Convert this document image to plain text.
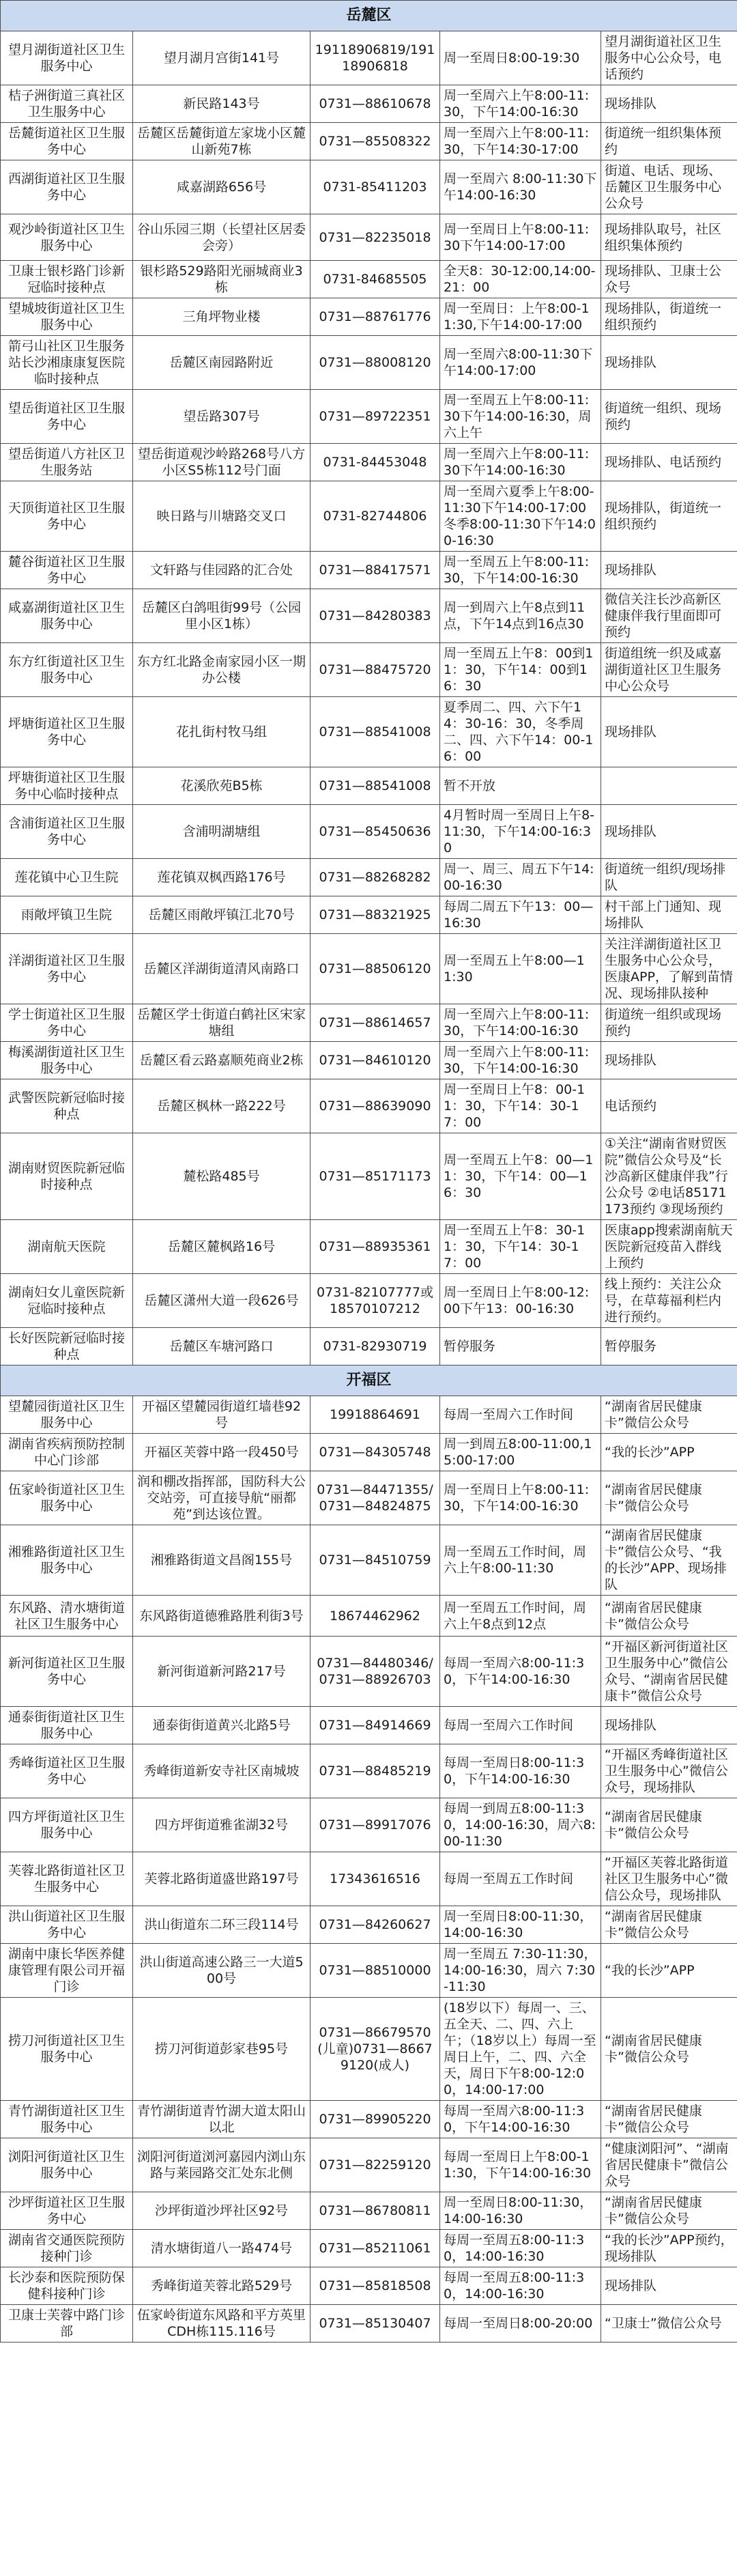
岳麓区				
望月湖街道社区卫生服务中心	望月湖月宫街141号	19118906819/19118906818	周一至周日8:00-19:30	望月湖街道社区卫生服务中心公众号，电话预约
桔子洲街道三真社区卫生服务中心	新民路143号	0731—88610678	周一至周六上午8:00-11:30，下午14:00-16:30	现场排队
岳麓街道社区卫生服务中心	岳麓区岳麓街道左家垅小区麓山新苑7栋	0731—85508322	周一至周六上午8:00-11:30，下午14:30-17:00	街道统一组织集体预约
西湖街道社区卫生服务中心	咸嘉湖路656号	0731-85411203	周一至周六 8:00-11:30下午14:00-16:30	街道、电话、现场、岳麓区卫生服务中心公众号
观沙岭街道社区卫生服务中心	谷山乐园三期（长望社区居委会旁）	0731—82235018	周一至周日上午8:00-11:30下午14:00-17:00	现场排队取号，社区组织集体预约
卫康士银杉路门诊新冠临时接种点	银杉路529路阳光丽城商业3栋	0731-84685505	全天8：30-12:00,14:00-21：00	现场排队、卫康士公众号
望城坡街道社区卫生服务中心	三角坪物业楼	0731—88761776	周一至周日：上午8:00-11:30,下午14:00-17:00	现场排队，街道统一组织预约
箭弓山社区卫生服务站长沙湘康康复医院临时接种点	岳麓区南园路附近	0731—88008120	周一至周六8:00-11:30下午14:00-17:00	现场排队
望岳街道社区卫生服务中心	望岳路307号	0731—89722351	周一至周五上午8:00-11:30下午14:00-16:30，周六上午	街道统一组织、现场预约
望岳街道八方社区卫生服务站	望岳街道观沙岭路268号八方小区S5栋112号门面	0731-84453048	周一至周六上午8:00-11:30下午14:00-16:30	现场排队、电话预约
天顶街道社区卫生服务中心	映日路与川塘路交叉口	0731-82744806	周一至周六夏季上午8:00-11:30下午14:00-17:00冬季8:00-11:30下午14:00-16:30	现场排队，街道统一组织预约
麓谷街道社区卫生服务中心	文轩路与佳园路的汇合处	0731—88417571	周一至周五上午8:00-11:30，下午14:00-16:30	现场排队
咸嘉湖街道社区卫生服务中心	岳麓区白鸽咀街99号（公园里小区1栋）	0731—84280383	周一到周六上午8点到11点，下午14点到16点30	微信关注长沙高新区健康伴我行里面即可预约
东方红街道社区卫生服务中心	东方红北路金南家园小区一期办公楼	0731—88475720	周一至周五上午8：00到11：30，下午14：00到16：30	街道组统一织及咸嘉湖街道社区卫生服务中心公众号
坪塘街道社区卫生服务中心	花扎街村牧马组	0731—88541008	夏季周二、四、六下午14：30-16：30，冬季周二、四、六下午14：00-16：00	现场排队
坪塘街道社区卫生服务中心临时接种点	花溪欣苑B5栋	0731—88541008	暂不开放	
含浦街道社区卫生服务中心	含浦明湖塘组	0731—85450636	4月暂时周一至周日上午8-11:30，下午14:00-16:30	现场排队
莲花镇中心卫生院	莲花镇双枫西路176号	0731—88268282	周一、周三、周五下午14:00-16:30	街道统一组织/现场排队
雨敞坪镇卫生院	岳麓区雨敞坪镇江北70号	0731—88321925	每周二周五下午13：00—16:30	村干部上门通知、现场排队
洋湖街道社区卫生服务中心	岳麓区洋湖街道清风南路口	0731—88506120	周一至周五上午8:00—11:30	关注洋湖街道社区卫生服务中心公众号，医康APP，了解到苗情况、现场排队接种
学士街道社区卫生服务中心	岳麓区学士街道白鹤社区宋家塘组	0731—88614657	周一至周六上午8:00-11:30，下午14:00-16:30	街道统一组织或现场预约
梅溪湖街道社区卫生服务中心	岳麓区看云路嘉顺苑商业2栋	0731—84610120	周一至周六上午8:00-11:30，下午14:00-16:30	现场排队
武警医院新冠临时接种点	岳麓区枫林一路222号	0731—88639090	周一至周日上午8：00-11：30，下午14：30-17：00	电话预约
湖南财贸医院新冠临时接种点	麓松路485号	0731—85171173	周一至周五上午8：00—11：30，下午14：00—16：30	①关注“湖南省财贸医院”微信公众号及“长沙高新区健康伴我”行公众号 ②电话85171173预约 ③现场预约
湖南航天医院	岳麓区麓枫路16号	0731—88935361	周一至周五上午8：30-11：30，下午14：30-17：00	医康app搜索湖南航天医院新冠疫苗入群线上预约
湖南妇女儿童医院新冠临时接种点	岳麓区潇州大道一段626号	0731-82107777或18570107212	周一至周日上午8:00-12:00下午13：00-16:30	线上预约：关注公众号，在草莓福利栏内进行预约。
长好医院新冠临时接种点	岳麓区车塘河路口	0731-82930719	暂停服务	暂停服务
开福区				
望麓园街道社区卫生服务中心	开福区望麓园街道红墙巷92号	19918864691	每周一至周六工作时间	“湖南省居民健康卡”微信公众号
湖南省疾病预防控制中心门诊部	开福区芙蓉中路一段450号	0731—84305748	周一到周五8:00-11:00,15:00-17:00	“我的长沙”APP
伍家岭街道社区卫生服务中心	润和棚改指挥部，国防科大公交站旁，可直接导航“丽都苑”到达该位置。	0731—84471355/0731—84824875	周一至周日上午8:00-11:30，下午14:00-16:30	“湖南省居民健康卡”微信公众号
湘雅路街道社区卫生服务中心	湘雅路街道文昌阁155号	0731—84510759	周一至周五工作时间，周六上午8:00-11:30	“湖南省居民健康卡”微信公众号、“我的长沙”APP、现场排队
东风路、清水塘街道社区卫生服务中心	东风路街道德雅路胜利街3号	18674462962	周一至周五工作时间，周六上午8点到12点	“湖南省居民健康卡”微信公众号
新河街道社区卫生服务中心	新河街道新河路217号	0731—84480346/0731—88926703	每周一至周六8:00-11:30，下午14:00-16:30	“开福区新河街道社区卫生服务中心”微信公众号、“湖南省居民健康卡”微信公众号
通泰街街道社区卫生服务中心	通泰街街道黄兴北路5号	0731—84914669	每周一至周六工作时间	现场排队
秀峰街道社区卫生服务中心	秀峰街道新安寺社区南城坡	0731—88485219	每周一至周日8:00-11:30，下午14:00-16:30	“开福区秀峰街道社区卫生服务中心”微信公众号，现场排队
四方坪街道社区卫生服务中心	四方坪街道雅雀湖32号	0731—89917076	每周一到周五8:00-11:30，14:00-16:30，周六8:00-11:30	“湖南省居民健康卡”微信公众号
芙蓉北路街道社区卫生服务中心	芙蓉北路街道盛世路197号	17343616516	每周一至周五工作时间	“开福区芙蓉北路街道社区卫生服务中心”微信公众号，现场排队
洪山街道社区卫生服务中心	洪山街道东二环三段114号	0731—84260627	周一至周日8:00-11:30，14:00-16:30	“湖南省居民健康卡”微信公众号
湖南中康长华医养健康管理有限公司开福门诊	洪山街道高速公路三一大道500号	0731—88510000	周一至周五 7:30-11:30，14:00-16:30，周六 7:30-11:30	“我的长沙”APP
捞刀河街道社区卫生服务中心	捞刀河街道彭家巷95号	0731—86679570(儿童)0731—86679120(成人)	(18岁以下）每周一、三、五全天、二、四、六上午；（18岁以上）每周一至周日上午，二、四、六全天，周日下午8:00-12:00，14:00-17:00	“湖南省居民健康卡”微信公众号
青竹湖街道社区卫生服务中心	青竹湖街道青竹湖大道太阳山以北	0731—89905220	每周一至周六8:00-11:30，下午14:00-16:30	“湖南省居民健康卡”微信公众号
浏阳河街道社区卫生服务中心	浏阳河街道浏河嘉园内浏山东路与莱园路交汇处东北侧	0731—82259120	每周一至周日上午8:00-11:30，下午14:00-16:30	“健康浏阳河”、“湖南省居民健康卡”微信公众号
沙坪街道社区卫生服务中心	沙坪街道沙坪社区92号	0731—86780811	周一至周日8:00-11:30，14:00-16:30	“湖南省居民健康卡”微信公众号
湖南省交通医院预防接种门诊	清水塘街道八一路474号	0731—85211061	每周一至周五8:00-11:30，14:00-16:30	“我的长沙”APP预约，现场排队
长沙泰和医院预防保健科接种门诊	秀峰街道芙蓉北路529号	0731—85818508	每周一至周五8:00-11:30，14:00-16:30	现场排队
卫康士芙蓉中路门诊部	伍家岭街道东风路和平方英里CDH栋115.116号	0731—85130407	每周一至周日8:00-20:00	“卫康士”微信公众号
